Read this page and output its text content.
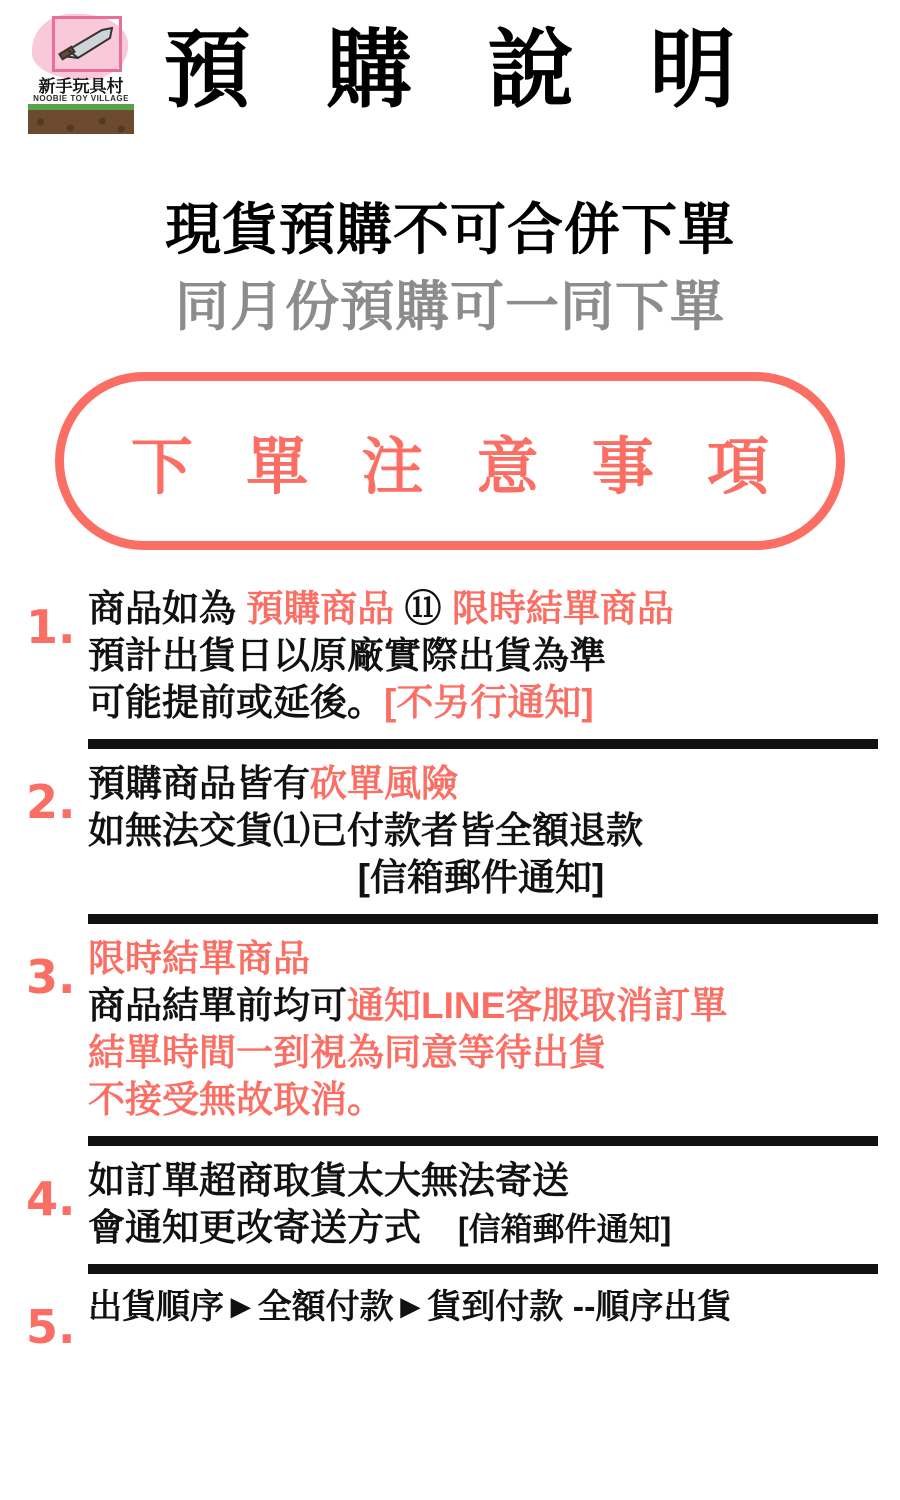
新手玩具村
NOOBIE TOY VILLAGE 預 購 說 明
現貨預購不可合併下單
同月份預購可一同下單
下 單 注 意 事 項
1. 商品如為 預購商品 ⑪ 限時結單商品
預計出貨日以原廠實際出貨為準
可能提前或延後。[不另行通知]
2. 預購商品皆有砍單風險
如無法交貨⑴已付款者皆全額退款
[信箱郵件通知]
3. 限時結單商品
商品結單前均可通知LINE客服取消訂單
結單時間一到視為同意等待出貨
不接受無故取消。
4. 如訂單超商取貨太大無法寄送
會通知更改寄送方式　[信箱郵件通知]
5. 出貨順序►全額付款►貨到付款 --順序出貨
